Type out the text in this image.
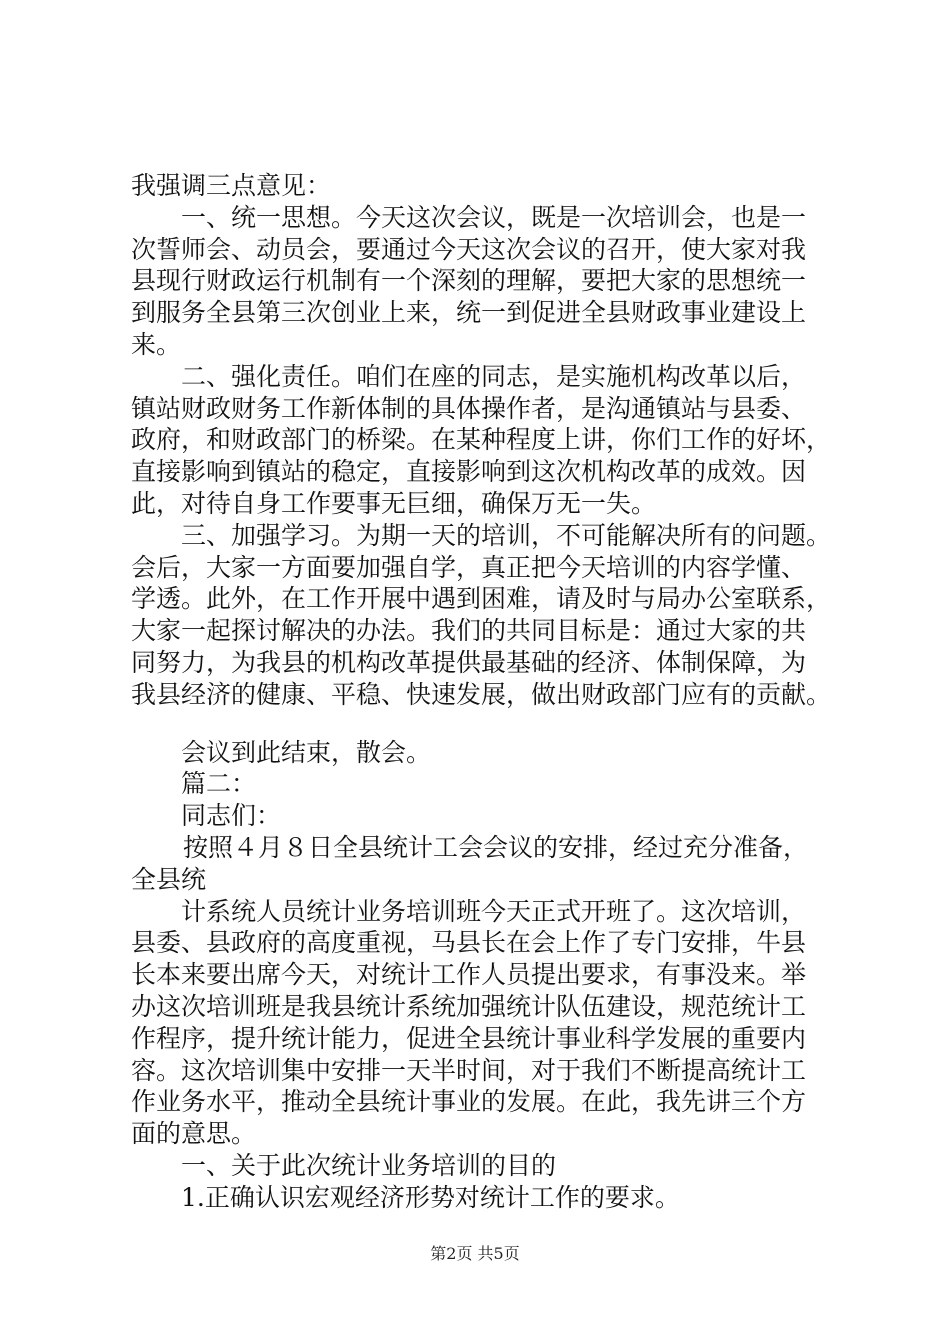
我强调三点意见：
一、统一思想。今天这次会议，既是一次培训会，也是一
次誓师会、动员会，要通过今天这次会议的召开，使大家对我
县现行财政运行机制有一个深刻的理解，要把大家的思想统一
到服务全县第三次创业上来，统一到促进全县财政事业建设上
来。
二、强化责任。咱们在座的同志，是实施机构改革以后，
镇站财政财务工作新体制的具体操作者，是沟通镇站与县委、
政府，和财政部门的桥梁。在某种程度上讲，你们工作的好坏，
直接影响到镇站的稳定，直接影响到这次机构改革的成效。因
此，对待自身工作要事无巨细，确保万无一失。
三、加强学习。为期一天的培训，不可能解决所有的问题。
会后，大家一方面要加强自学，真正把今天培训的内容学懂、
学透。此外，在工作开展中遇到困难，请及时与局办公室联系，
大家一起探讨解决的办法。我们的共同目标是：通过大家的共
同努力，为我县的机构改革提供最基础的经济、体制保障，为
我县经济的健康、平稳、快速发展，做出财政部门应有的贡献。
会议到此结束，散会。
篇二：
同志们：
按照４月８日全县统计工会会议的安排，经过充分准备，
全县统
计系统人员统计业务培训班今天正式开班了。这次培训，
县委、县政府的高度重视，马县长在会上作了专门安排，牛县
长本来要出席今天，对统计工作人员提出要求，有事没来。举
办这次培训班是我县统计系统加强统计队伍建设，规范统计工
作程序，提升统计能力，促进全县统计事业科学发展的重要内
容。这次培训集中安排一天半时间，对于我们不断提高统计工
作业务水平，推动全县统计事业的发展。在此，我先讲三个方
面的意思。
一、关于此次统计业务培训的目的
1.正确认识宏观经济形势对统计工作的要求。
第2页 共5页
